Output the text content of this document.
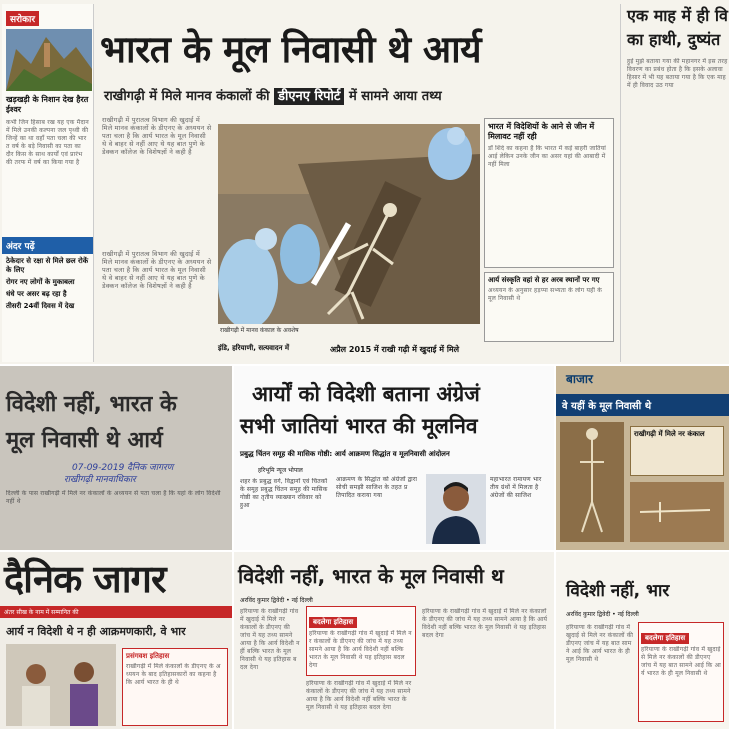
सरोकार
खड़खड़ी के निशान देख हैरत ईश्वर
कभी जिन हिसाब रख यह एक मैदान में मिले उनकी कल्पना जल पृथ्वी की जिन्हें का था वहाँ पता चला की भारत वर्ष के बड़े निवासी का पता का दौर किस के साथ कार्यों एवं प्रारंभ की तरफ में वर्ष का किया गया है
अंदर पढ़ें
ठेकेदार से रक्षा से मिले छल रोकें के लिए
रोगर नए लोगों के मुकाबला
धंधे पर असर बढ़ रहा है
तीसरी 24वीं दिवस में देख
भारत के मूल निवासी थे आर्य
राखीगढ़ी में मिले मानव कंकालों की डीएनए रिपोर्ट में सामने आया तथ्य
राखीगढ़ी में पुरातत्व विभाग की खुदाई में मिले मानव कंकालों के डीएनए के अध्ययन से पता चला है कि आर्य भारत के मूल निवासी थे वे बाहर से नहीं आए थे यह बात पुणे के डेक्कन कॉलेज के विशेषज्ञों ने कही है
राखीगढ़ी में पुरातत्व विभाग की खुदाई में मिले मानव कंकालों के डीएनए के अध्ययन से पता चला है कि आर्य भारत के मूल निवासी थे वे बाहर से नहीं आए थे यह बात पुणे के डेक्कन कॉलेज के विशेषज्ञों ने कही है
राखीगढ़ी में मानव कंकाल के अवशेष
भारत में विदेशियों के आने से जीन में मिलावट नहीं रही
डॉ शिंदे का कहना है कि भारत में कई बाहरी जातियां आई लेकिन उनके जीन का असर यहां की आबादी में नहीं मिला
आर्य संस्कृति वहां से हर अरब स्थानों पर गए
अध्ययन के अनुसार हड़प्पा सभ्यता के लोग यहीं के मूल निवासी थे
इंडि, हरियाणी, सत्यवादन में	अप्रैल 2015 में राखी गढ़ी में खुदाई में मिले
एक माह में ही वि
का हाथी, दुष्यंत
हुई मुझे बताया गया की महानगर में इस तरह विवरण का प्रबंध होता है कि इसके अलावा हिसार में भी यह बताया गया है कि एक माह में ही विवाद उठ गया
विदेशी नहीं, भारत के
मूल निवासी थे आर्य
07-09-2019 दैनिक जागरण
राखीगढ़ी मानवाधिकार
दिल्ली के पास राखीगढ़ी में मिले नर कंकालों के अध्ययन से पता चला है कि यहां के लोग विदेशी नहीं थे
आर्यों को विदेशी बताना अंग्रेजं
सभी जातियां भारत की मूलनिव
प्रबुद्ध चिंतन समूह की मासिक गोष्ठी: आर्य आक्रमण सिद्धांत व मूलनिवासी आंदोलन
हरिभूमि न्यूज भोपाल
शहर के प्रबुद्ध वर्ग, विद्वानों एवं चिंतकों के समूह प्रबुद्ध चिंतन समूह की मासिक गोष्ठी का तृतीय व्याख्यान रविवार को हुआ
आक्रमण के सिद्धांत को अंग्रेजों द्वारा सोची समझी साजिश के तहत प्रतिपादित कराया गया
महाभारत रामायण भारतीय ग्रंथों में मिलता है अंग्रेजों की साजिश
बाजार
वे यहीं के मूल निवासी थे
राखीगढ़ी में मिले नर कंकाल
दैनिक जागर
अंतर सीख के नाम में सम्मानित की
आर्य न विदेशी थे न ही आक्रमणकारी, वे भार
प्रसंगवश इतिहास
राखीगढ़ी में मिले कंकालों के डीएनए के अध्ययन के बाद इतिहासकारों का कहना है कि आर्य भारत के ही थे
विदेशी नहीं, भारत के मूल निवासी थ
अरविंद कुमार द्विवेदी • नई दिल्ली
हरियाणा के राखीगढ़ी गांव में खुदाई में मिले नर कंकालों के डीएनए की जांच में यह तथ्य सामने आया है कि आर्य विदेशी नहीं बल्कि भारत के मूल निवासी थे यह इतिहास बदल देगा
बदलेगा इतिहास
हरियाणा के राखीगढ़ी गांव में खुदाई में मिले नर कंकालों के डीएनए की जांच में यह तथ्य सामने आया है कि आर्य विदेशी नहीं बल्कि भारत के मूल निवासी थे यह इतिहास बदल देगा
हरियाणा के राखीगढ़ी गांव में खुदाई में मिले नर कंकालों के डीएनए की जांच में यह तथ्य सामने आया है कि आर्य विदेशी नहीं बल्कि भारत के मूल निवासी थे यह इतिहास बदल देगा
हरियाणा के राखीगढ़ी गांव में खुदाई में मिले नर कंकालों के डीएनए की जांच में यह तथ्य सामने आया है कि आर्य विदेशी नहीं बल्कि भारत के मूल निवासी थे यह इतिहास बदल देगा
विदेशी नहीं, भार
अरविंद कुमार द्विवेदी • नई दिल्ली
हरियाणा के राखीगढ़ी गांव में खुदाई से मिले नर कंकालों की डीएनए जांच में यह बात सामने आई कि आर्य भारत के ही मूल निवासी थे
बदलेगा इतिहास
हरियाणा के राखीगढ़ी गांव में खुदाई से मिले नर कंकालों की डीएनए जांच में यह बात सामने आई कि आर्य भारत के ही मूल निवासी थे
